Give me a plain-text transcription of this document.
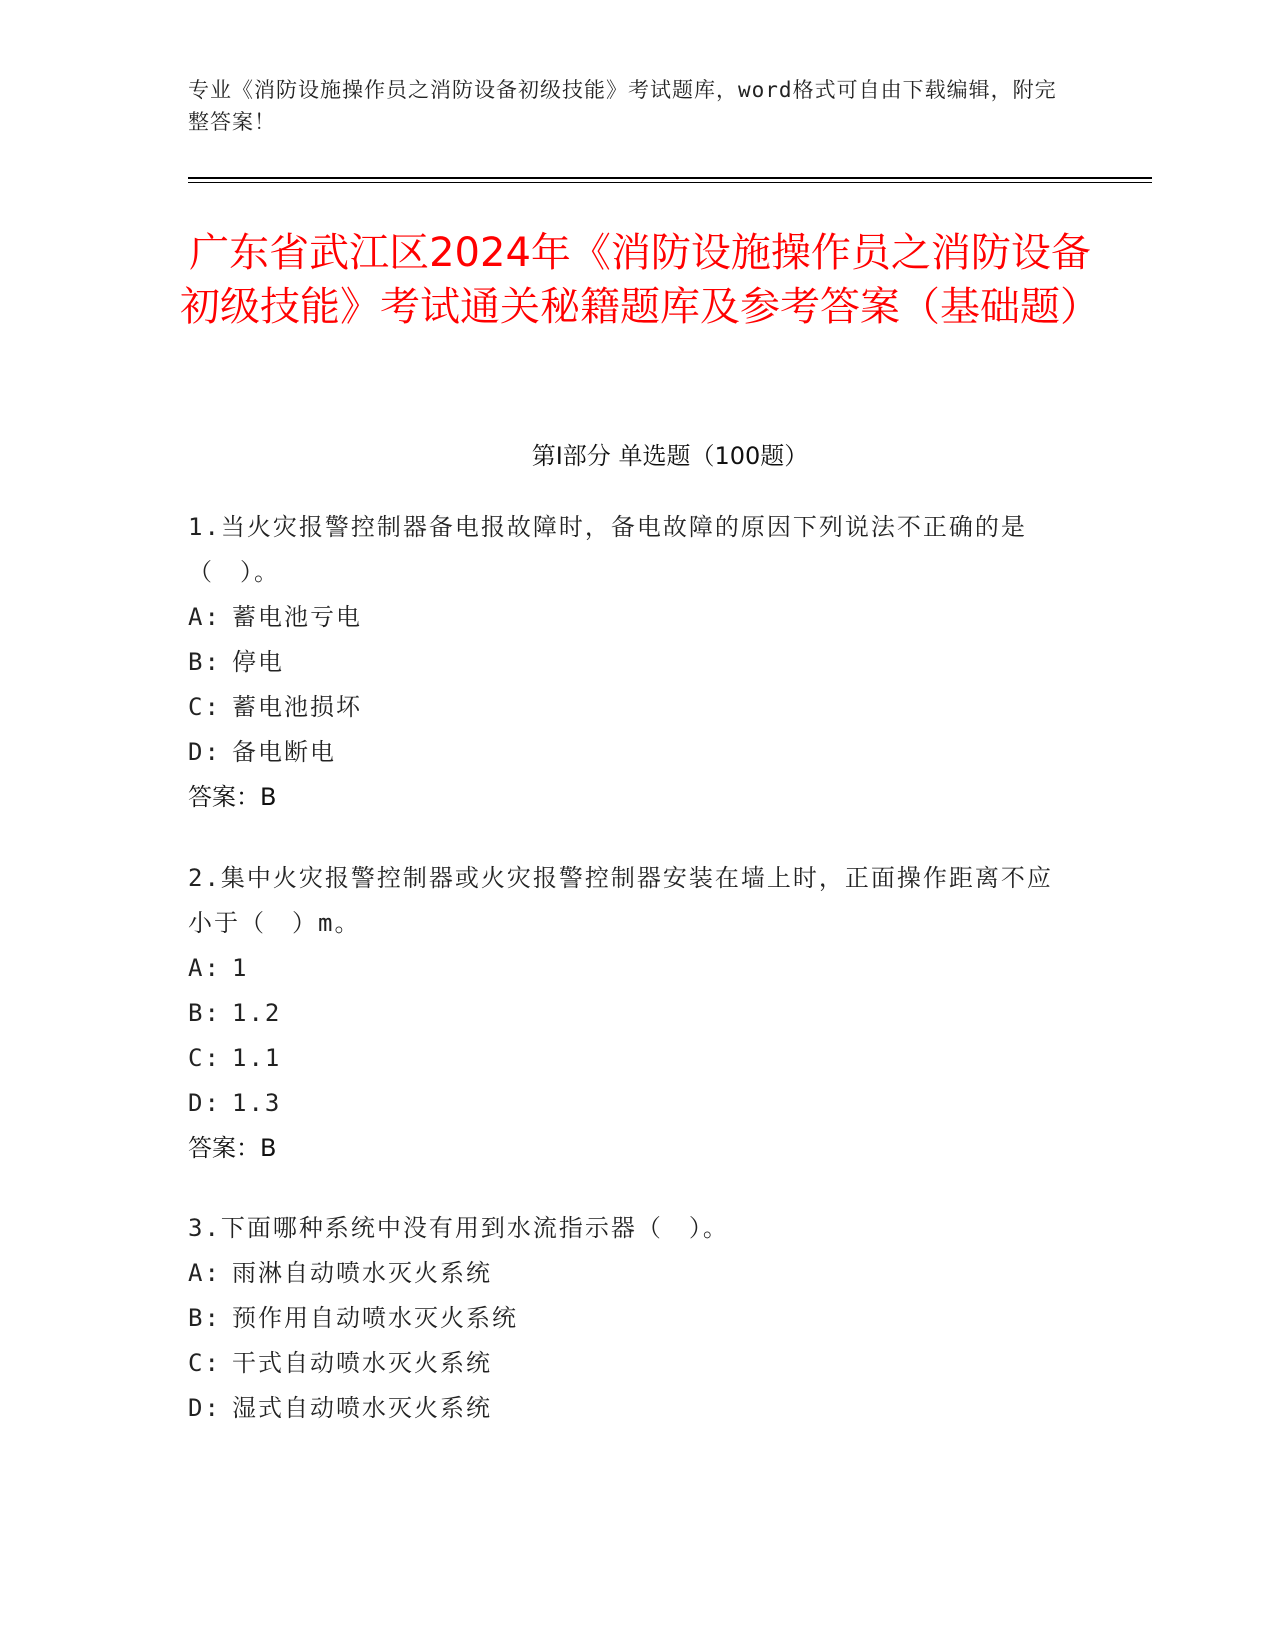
专业《消防设施操作员之消防设备初级技能》考试题库，word格式可自由下载编辑，附完整答案！
广东省武江区2024年《消防设施操作员之消防设备初级技能》考试通关秘籍题库及参考答案（基础题）
第I部分 单选题（100题）
1.当火灾报警控制器备电报故障时，备电故障的原因下列说法不正确的是（　）。
A: 蓄电池亏电
B: 停电
C: 蓄电池损坏
D: 备电断电
答案：B
2.集中火灾报警控制器或火灾报警控制器安装在墙上时，正面操作距离不应小于（　）m。
A: 1
B: 1.2
C: 1.1
D: 1.3
答案：B
3.下面哪种系统中没有用到水流指示器（　）。
A: 雨淋自动喷水灭火系统
B: 预作用自动喷水灭火系统
C: 干式自动喷水灭火系统
D: 湿式自动喷水灭火系统
